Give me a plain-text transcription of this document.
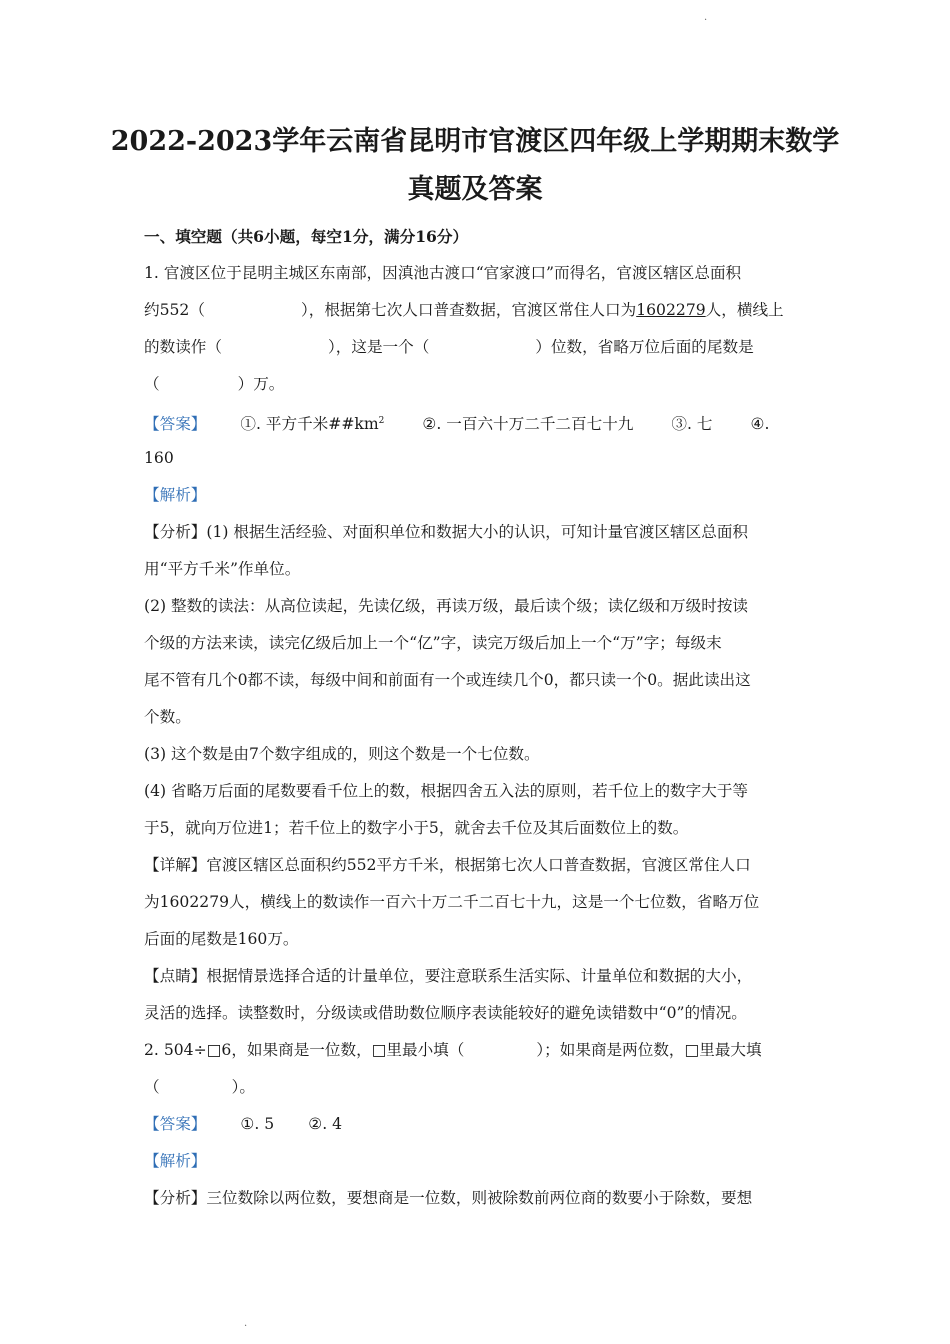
.
2022-2023学年云南省昆明市官渡区四年级上学期期末数学
真题及答案
一、填空题（共6小题，每空1分，满分16分）
1. 官渡区位于昆明主城区东南部，因滇池古渡口“官家渡口”而得名，官渡区辖区总面积
约552（	），根据第七次人口普查数据，官渡区常住人口为1602279人，横线上
的数读作（	），这是一个（	）位数，省略万位后面的尾数是
（	）万。
【答案】 ①. 平方千米$\#\#km^2$ ②. 一百六十万二千二百七十九 ③. 七 ④.
160
【解析】
【分析】(1) 根据生活经验、对面积单位和数据大小的认识，可知计量官渡区辖区总面积
用“平方千米”作单位。
(2) 整数的读法：从高位读起，先读亿级，再读万级，最后读个级；读亿级和万级时按读
个级的方法来读，读完亿级后加上一个“亿”字，读完万级后加上一个“万”字；每级末
尾不管有几个0都不读，每级中间和前面有一个或连续几个0，都只读一个0。据此读出这
个数。
(3) 这个数是由7个数字组成的，则这个数是一个七位数。
(4) 省略万后面的尾数要看千位上的数，根据四舍五入法的原则，若千位上的数字大于等
于5，就向万位进1；若千位上的数字小于5，就舍去千位及其后面数位上的数。
【详解】官渡区辖区总面积约552平方千米，根据第七次人口普查数据，官渡区常住人口
为1602279人，横线上的数读作一百六十万二千二百七十九，这是一个七位数，省略万位
后面的尾数是160万。
【点睛】根据情景选择合适的计量单位，要注意联系生活实际、计量单位和数据的大小，
灵活的选择。读整数时，分级读或借助数位顺序表读能较好的避免读错数中“0”的情况。
2. 504÷□6，如果商是一位数，□里最小填（	）；如果商是两位数，□里最大填
（	）。
【答案】 ①. 5 ②. 4
【解析】
【分析】三位数除以两位数，要想商是一位数，则被除数前两位商的数要小于除数，要想
.
